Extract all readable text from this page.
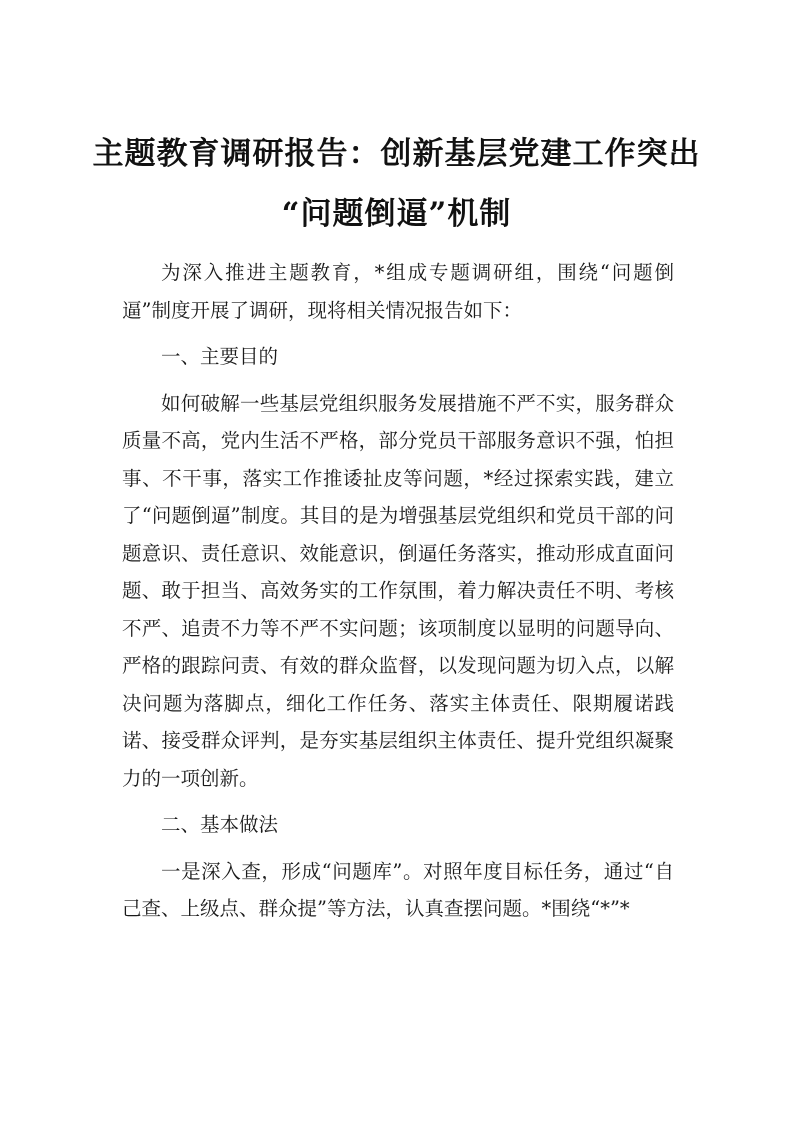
主题教育调研报告：创新基层党建工作突出
“问题倒逼”机制

为深入推进主题教育，*组成专题调研组，围绕“问题倒逼”制度开展了调研，现将相关情况报告如下：

一、主要目的

如何破解一些基层党组织服务发展措施不严不实，服务群众质量不高，党内生活不严格，部分党员干部服务意识不强，怕担事、不干事，落实工作推诿扯皮等问题，*经过探索实践，建立了“问题倒逼”制度。其目的是为增强基层党组织和党员干部的问题意识、责任意识、效能意识，倒逼任务落实，推动形成直面问题、敢于担当、高效务实的工作氛围，着力解决责任不明、考核不严、追责不力等不严不实问题；该项制度以显明的问题导向、严格的跟踪问责、有效的群众监督，以发现问题为切入点，以解决问题为落脚点，细化工作任务、落实主体责任、限期履诺践诺、接受群众评判，是夯实基层组织主体责任、提升党组织凝聚力的一项创新。

二、基本做法

一是深入查，形成“问题库”。对照年度目标任务，通过“自己查、上级点、群众提”等方法，认真查摆问题。*围绕“*”*
